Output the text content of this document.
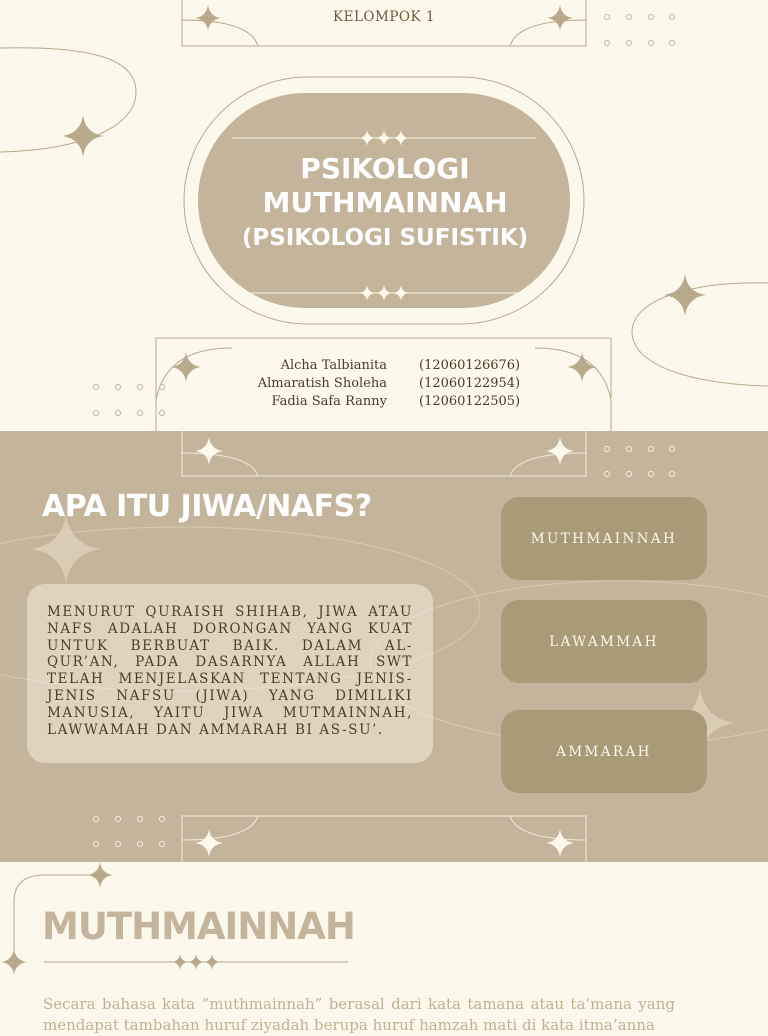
KELOMPOK 1
PSIKOLOGI
MUTHMAINNAH
(PSIKOLOGI SUFISTIK)
Alcha Talbianita (12060126676)
Almaratish Sholeha (12060122954)
Fadia Safa Ranny (12060122505)
APA ITU JIWA/NAFS?
MENURUT QURAISH SHIHAB, JIWA ATAU NAFS ADALAH DORONGAN YANG KUAT UNTUK BERBUAT BAIK. DALAM AL-QUR’AN, PADA DASARNYA ALLAH SWT TELAH MENJELASKAN TENTANG JENIS-JENIS NAFSU (JIWA) YANG DIMILIKI MANUSIA, YAITU JIWA MUTMAINNAH, LAWWAMAH DAN AMMARAH BI AS-SU’.
MUTHMAINNAH
LAWAMMAH
AMMARAH
MUTHMAINNAH
Secara bahasa kata “muthmainnah” berasal dari kata tamana atau ta’mana yang mendapat tambahan huruf ziyadah berupa huruf hamzah mati di kata itma’anna
